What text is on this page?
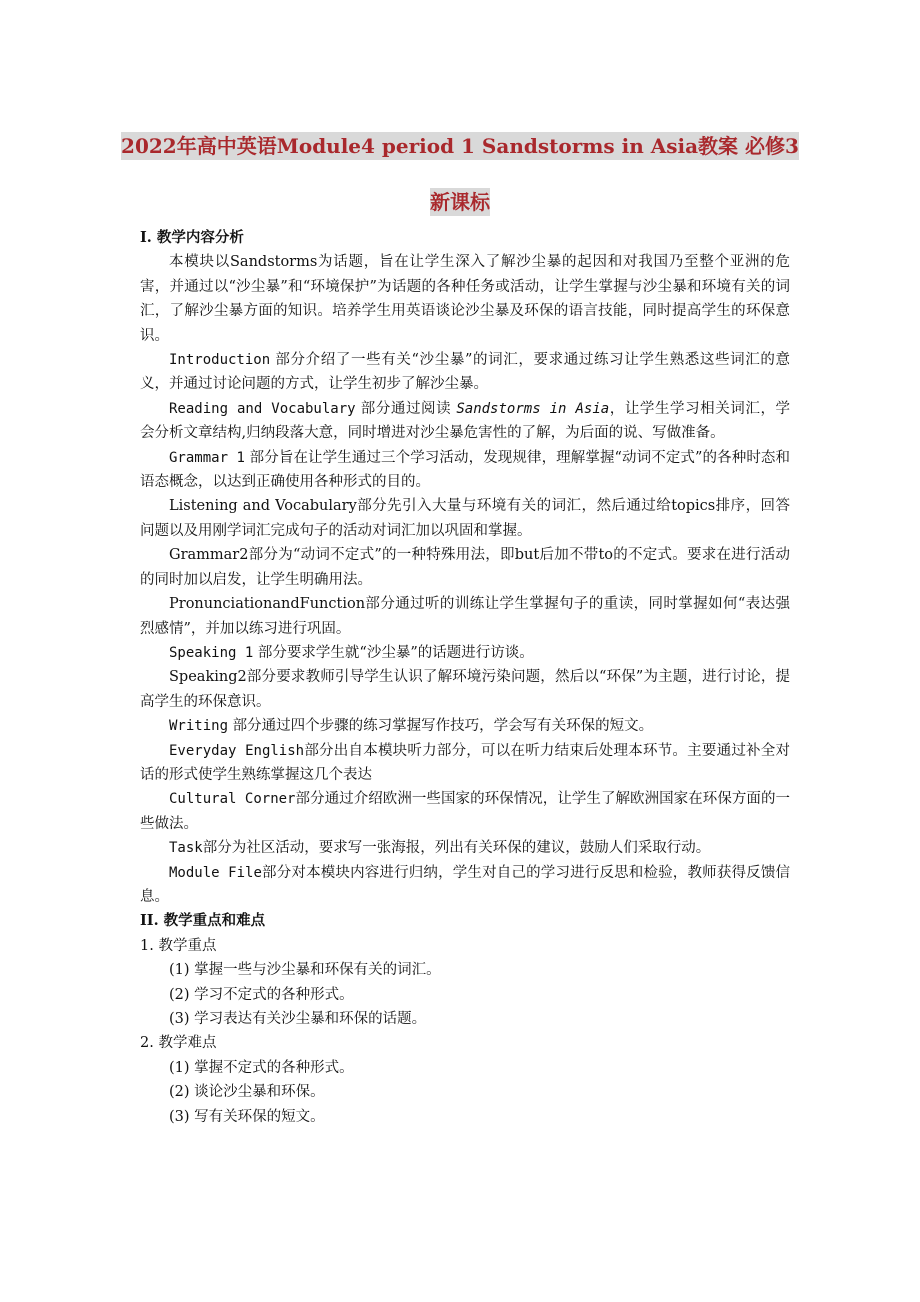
2022年高中英语Module4 period 1 Sandstorms in Asia教案 必修3新课标
I. 教学内容分析

本模块以Sandstorms为话题，旨在让学生深入了解沙尘暴的起因和对我国乃至整个亚洲的危害，并通过以“沙尘暴”和“环境保护”为话题的各种任务或活动，让学生掌握与沙尘暴和环境有关的词汇，了解沙尘暴方面的知识。培养学生用英语谈论沙尘暴及环保的语言技能，同时提高学生的环保意识。

Introduction 部分介绍了一些有关“沙尘暴”的词汇，要求通过练习让学生熟悉这些词汇的意义，并通过讨论问题的方式，让学生初步了解沙尘暴。

Reading and Vocabulary 部分通过阅读 Sandstorms in Asia，让学生学习相关词汇，学会分析文章结构,归纳段落大意，同时增进对沙尘暴危害性的了解，为后面的说、写做准备。

Grammar 1 部分旨在让学生通过三个学习活动，发现规律，理解掌握“动词不定式”的各种时态和语态概念，以达到正确使用各种形式的目的。

Listening and Vocabulary部分先引入大量与环境有关的词汇，然后通过给topics排序，回答问题以及用刚学词汇完成句子的活动对词汇加以巩固和掌握。

Grammar2部分为“动词不定式”的一种特殊用法，即but后加不带to的不定式。要求在进行活动的同时加以启发，让学生明确用法。

PronunciationandFunction部分通过听的训练让学生掌握句子的重读，同时掌握如何“表达强烈感情”，并加以练习进行巩固。

Speaking 1 部分要求学生就“沙尘暴”的话题进行访谈。

Speaking2部分要求教师引导学生认识了解环境污染问题，然后以“环保”为主题，进行讨论，提高学生的环保意识。

Writing 部分通过四个步骤的练习掌握写作技巧，学会写有关环保的短文。

Everyday English部分出自本模块听力部分，可以在听力结束后处理本环节。主要通过补全对话的形式使学生熟练掌握这几个表达

Cultural Corner部分通过介绍欧洲一些国家的环保情况，让学生了解欧洲国家在环保方面的一些做法。

Task部分为社区活动，要求写一张海报，列出有关环保的建议，鼓励人们采取行动。

Module File部分对本模块内容进行归纳，学生对自己的学习进行反思和检验，教师获得反馈信息。

II. 教学重点和难点
1. 教学重点
(1) 掌握一些与沙尘暴和环保有关的词汇。
(2) 学习不定式的各种形式。
(3) 学习表达有关沙尘暴和环保的话题。
2. 教学难点
(1) 掌握不定式的各种形式。
(2) 谈论沙尘暴和环保。
(3) 写有关环保的短文。
